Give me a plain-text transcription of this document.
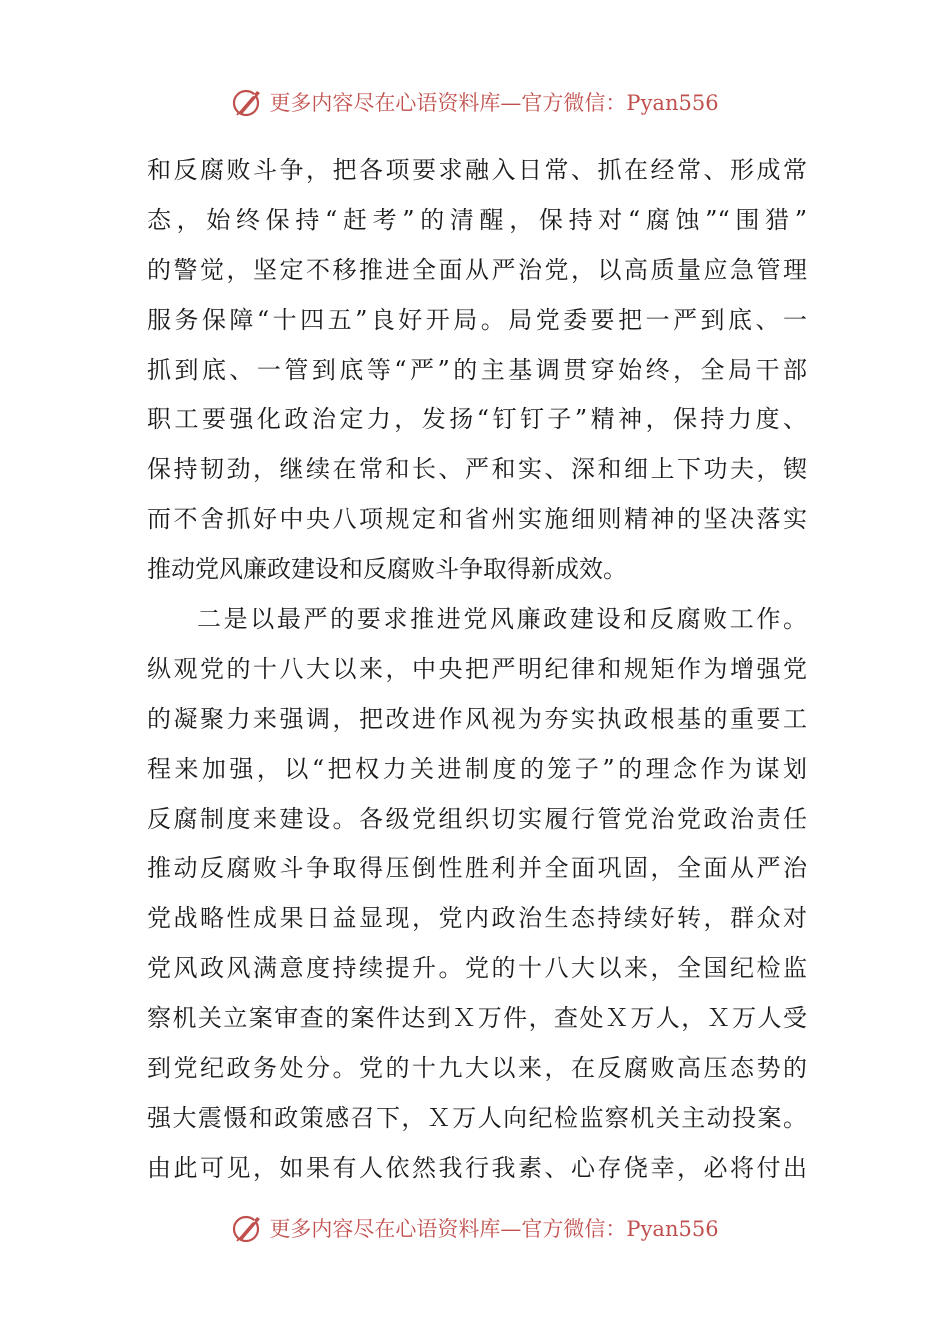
更多内容尽在心语资料库—官方微信：Pyan556
和反腐败斗争，把各项要求融入日常、抓在经常、形成常
态，始终保持“赶考”的清醒，保持对“腐蚀”“围猎”
的警觉，坚定不移推进全面从严治党，以高质量应急管理
服务保障“十四五”良好开局。局党委要把一严到底、一
抓到底、一管到底等“严”的主基调贯穿始终，全局干部
职工要强化政治定力，发扬“钉钉子”精神，保持力度、
保持韧劲，继续在常和长、严和实、深和细上下功夫，锲
而不舍抓好中央八项规定和省州实施细则精神的坚决落实
推动党风廉政建设和反腐败斗争取得新成效。
二是以最严的要求推进党风廉政建设和反腐败工作。
纵观党的十八大以来，中央把严明纪律和规矩作为增强党
的凝聚力来强调，把改进作风视为夯实执政根基的重要工
程来加强，以“把权力关进制度的笼子”的理念作为谋划
反腐制度来建设。各级党组织切实履行管党治党政治责任
推动反腐败斗争取得压倒性胜利并全面巩固，全面从严治
党战略性成果日益显现，党内政治生态持续好转，群众对
党风政风满意度持续提升。党的十八大以来，全国纪检监
察机关立案审查的案件达到Ｘ万件，查处Ｘ万人，Ｘ万人受
到党纪政务处分。党的十九大以来，在反腐败高压态势的
强大震慑和政策感召下，Ｘ万人向纪检监察机关主动投案。
由此可见，如果有人依然我行我素、心存侥幸，必将付出
更多内容尽在心语资料库—官方微信：Pyan556
